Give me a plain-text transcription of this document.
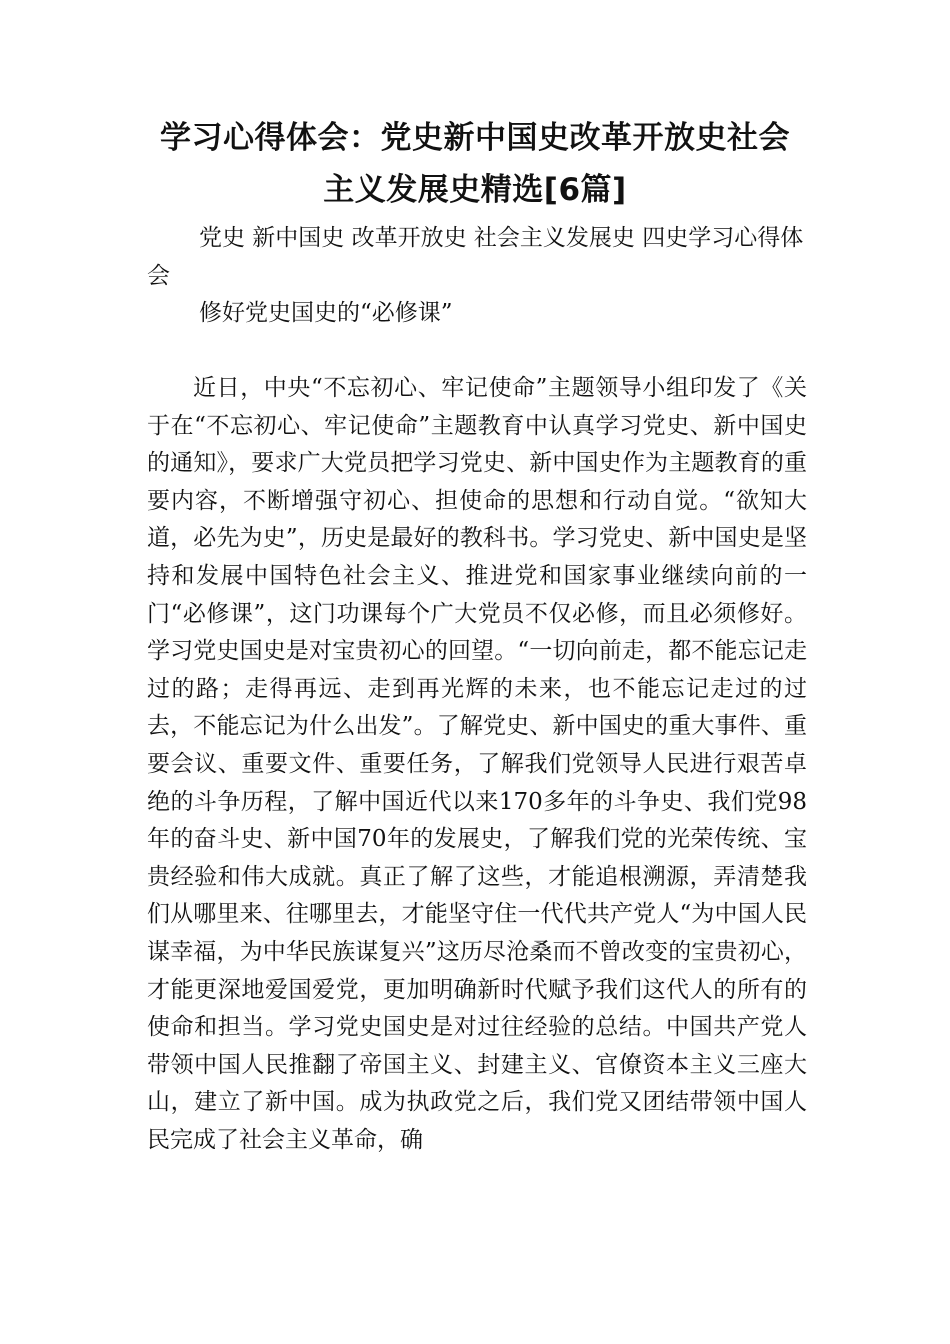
学习心得体会：党史新中国史改革开放史社会
主义发展史精选[6篇]

党史 新中国史 改革开放史 社会主义发展史 四史学习心得体会

修好党史国史的“必修课”

近日，中央“不忘初心、牢记使命”主题领导小组印发了《关于在“不忘初心、牢记使命”主题教育中认真学习党史、新中国史的通知》，要求广大党员把学习党史、新中国史作为主题教育的重要内容，不断增强守初心、担使命的思想和行动自觉。“欲知大道，必先为史”，历史是最好的教科书。学习党史、新中国史是坚持和发展中国特色社会主义、推进党和国家事业继续向前的一门“必修课”，这门功课每个广大党员不仅必修，而且必须修好。学习党史国史是对宝贵初心的回望。“一切向前走，都不能忘记走过的路；走得再远、走到再光辉的未来，也不能忘记走过的过去，不能忘记为什么出发”。了解党史、新中国史的重大事件、重要会议、重要文件、重要任务，了解我们党领导人民进行艰苦卓绝的斗争历程，了解中国近代以来170多年的斗争史、我们党98年的奋斗史、新中国70年的发展史，了解我们党的光荣传统、宝贵经验和伟大成就。真正了解了这些，才能追根溯源，弄清楚我们从哪里来、往哪里去，才能坚守住一代代共产党人“为中国人民谋幸福，为中华民族谋复兴”这历尽沧桑而不曾改变的宝贵初心，才能更深地爱国爱党，更加明确新时代赋予我们这代人的所有的使命和担当。学习党史国史是对过往经验的总结。中国共产党人带领中国人民推翻了帝国主义、封建主义、官僚资本主义三座大山，建立了新中国。成为执政党之后，我们党又团结带领中国人民完成了社会主义革命，确
